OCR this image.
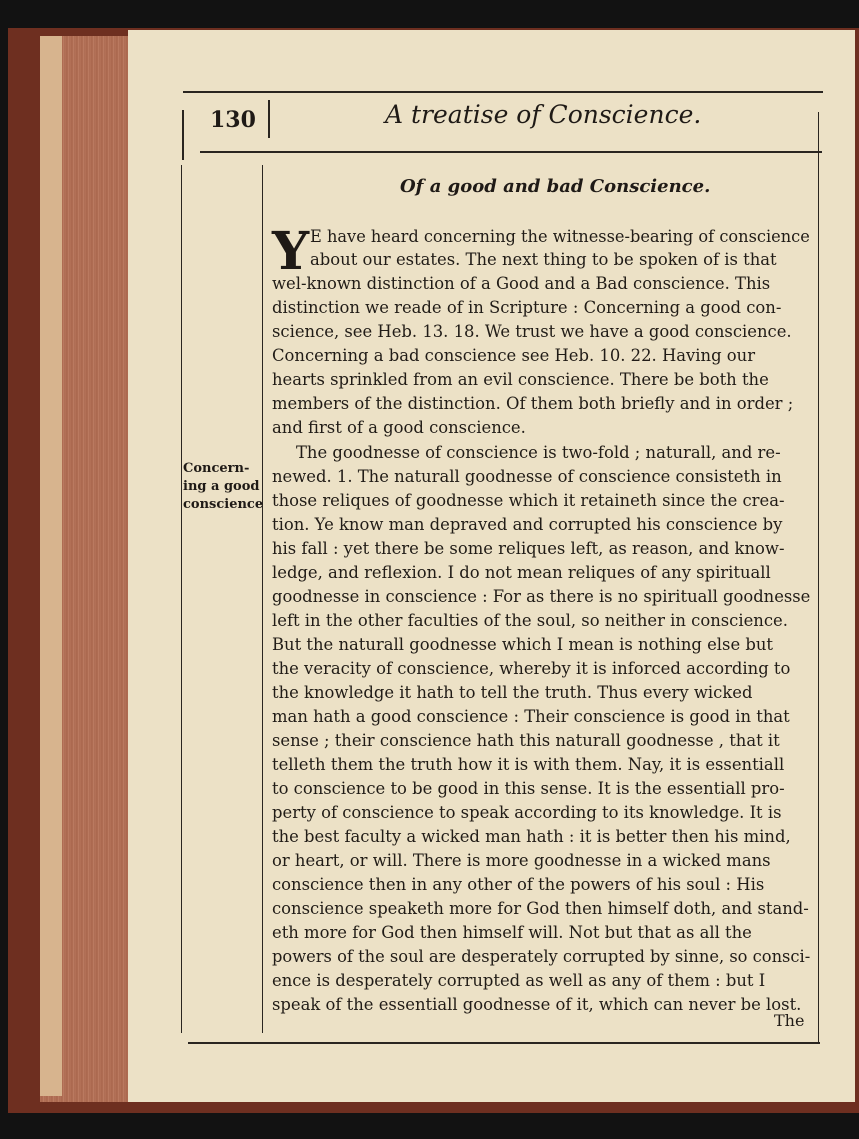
130	A treatise of Conscience.
Of a good and bad Conscience.
Concern-
ing a good
conscience
Y E have heard concerning the witnesse-bearing of conscience
about our estates. The next thing to be spoken of is that
wel-known distinction of a Good and a Bad conscience. This
distinction we reade of in Scripture : Concerning a good con-
science, see Heb. 13. 18. We trust we have a good conscience.
Concerning a bad conscience see Heb. 10. 22. Having our
hearts sprinkled from an evil conscience. There be both the
members of the distinction. Of them both briefly and in order ;
and first of a good conscience.
The goodnesse of conscience is two-fold ; naturall, and re-
newed. 1. The naturall goodnesse of conscience consisteth in
those reliques of goodnesse which it retaineth since the crea-
tion. Ye know man depraved and corrupted his conscience by
his fall : yet there be some reliques left, as reason, and know-
ledge, and reflexion. I do not mean reliques of any spirituall
goodnesse in conscience : For as there is no spirituall goodnesse
left in the other faculties of the soul, so neither in conscience.
But the naturall goodnesse which I mean is nothing else but
the veracity of conscience, whereby it is inforced according to
the knowledge it hath to tell the truth. Thus every wicked
man hath a good conscience : Their conscience is good in that
sense ; their conscience hath this naturall goodnesse , that it
telleth them the truth how it is with them. Nay, it is essentiall
to conscience to be good in this sense. It is the essentiall pro-
perty of conscience to speak according to its knowledge. It is
the best faculty a wicked man hath : it is better then his mind,
or heart, or will. There is more goodnesse in a wicked mans
conscience then in any other of the powers of his soul : His
conscience speaketh more for God then himself doth, and stand-
eth more for God then himself will. Not but that as all the
powers of the soul are desperately corrupted by sinne, so consci-
ence is desperately corrupted as well as any of them : but I
speak of the essentiall goodnesse of it, which can never be lost.
The
